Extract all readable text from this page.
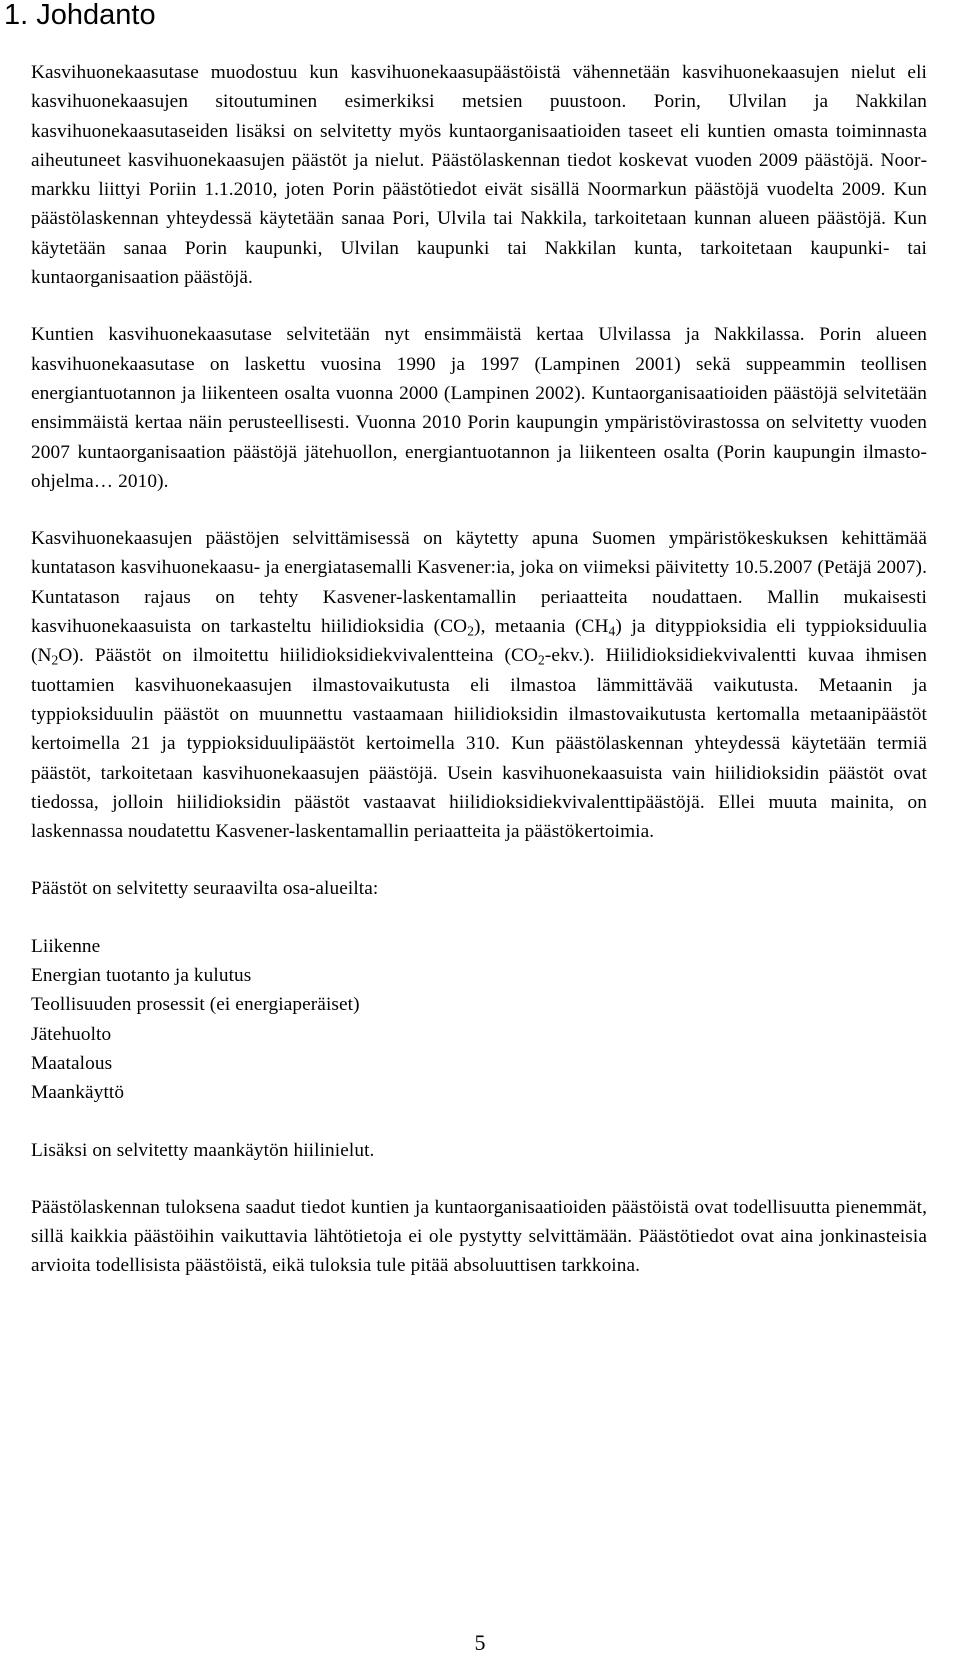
1. Johdanto

Kasvihuonekaasutase muodostuu kun kasvihuonekaasupäästöistä vähennetään kasvihuonekaasujen nielut eli kasvihuonekaasujen sitoutuminen esimerkiksi metsien puustoon. Porin, Ulvilan ja Nakkilan kasvihuonekaasutaseiden lisäksi on selvitetty myös kuntaorganisaatioiden taseet eli kuntien omasta toiminnasta aiheutuneet kasvihuonekaasujen päästöt ja nielut. Päästölaskennan tiedot koskevat vuoden 2009 päästöjä. Noormarkku liittyi Poriin 1.1.2010, joten Porin päästötiedot eivät sisällä Noormarkun päästöjä vuodelta 2009. Kun päästölaskennan yhteydessä käytetään sanaa Pori, Ulvila tai Nakkila, tarkoitetaan kunnan alueen päästöjä. Kun käytetään sanaa Porin kaupunki, Ulvilan kaupunki tai Nakkilan kunta, tarkoitetaan kaupunki- tai kuntaorganisaation päästöjä.

Kuntien kasvihuonekaasutase selvitetään nyt ensimmäistä kertaa Ulvilassa ja Nakkilassa. Porin alueen kasvihuonekaasutase on laskettu vuosina 1990 ja 1997 (Lampinen 2001) sekä suppeammin teollisen energiantuotannon ja liikenteen osalta vuonna 2000 (Lampinen 2002). Kuntaorganisaatioiden päästöjä selvitetään ensimmäistä kertaa näin perusteellisesti. Vuonna 2010 Porin kaupungin ympäristövirastossa on selvitetty vuoden 2007 kuntaorganisaation päästöjä jätehuollon, energiantuotannon ja liikenteen osalta (Porin kaupungin ilmasto-ohjelma… 2010).

Kasvihuonekaasujen päästöjen selvittämisessä on käytetty apuna Suomen ympäristökeskuksen kehittämää kuntatason kasvihuonekaasu- ja energiatasemalli Kasvener:ia, joka on viimeksi päivitetty 10.5.2007 (Petäjä 2007). Kuntatason rajaus on tehty Kasvener-laskentamallin periaatteita noudattaen. Mallin mukaisesti kasvihuonekaasuista on tarkasteltu hiilidioksidia $(CO_2)$, metaania $(CH_4)$ ja dityppioksidia eli typpioksiduulia $(N_2O)$. Päästöt on ilmoitettu hiilidioksidiekvivalentteina $(CO_2-ekv.)$. Hiilidioksidiekvivalentti kuvaa ihmisen tuottamien kasvihuonekaasujen ilmastovaikutusta eli ilmastoa lämmittävää vaikutusta. Metaanin ja typpioksiduulin päästöt on muunnettu vastaamaan hiilidioksidin ilmastovaikutusta kertomalla metaanipäästöt kertoimella 21 ja typpioksiduulipäästöt kertoimella 310. Kun päästölaskennan yhteydessä käytetään termiä päästöt, tarkoitetaan kasvihuonekaasujen päästöjä. Usein kasvihuonekaasuista vain hiilidioksidin päästöt ovat tiedossa, jolloin hiilidioksidin päästöt vastaavat hiilidioksidiekvivalenttipäästöjä. Ellei muuta mainita, on laskennassa noudatettu Kasvener-laskentamallin periaatteita ja päästökertoimia.

Päästöt on selvitetty seuraavilta osa-alueilta:

Liikenne
Energian tuotanto ja kulutus
Teollisuuden prosessit (ei energiaperäiset)
Jätehuolto
Maatalous
Maankäyttö

Lisäksi on selvitetty maankäytön hiilinielut.

Päästölaskennan tuloksena saadut tiedot kuntien ja kuntaorganisaatioiden päästöistä ovat todellisuutta pienemmät, sillä kaikkia päästöihin vaikuttavia lähtötietoja ei ole pystytty selvittämään. Päästötiedot ovat aina jonkinasteisia arvioita todellisista päästöistä, eikä tuloksia tule pitää absoluuttisen tarkkoina.

5
